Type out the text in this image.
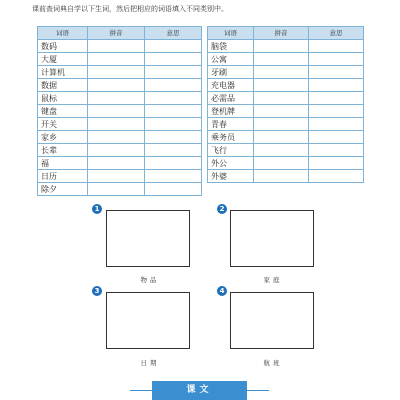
课前查词典自学以下生词，然后把相应的词语填入不同类别中。
词语	拼音	意思
数码		
大厦		
计算机		
数据		
鼠标		
键盘		
开关		
家乡		
长辈		
福		
日历		
除夕		
词语	拼音	意思
脑袋		
公寓		
牙刷		
充电器		
必需品		
登机牌		
青春		
乘务员		
飞行		
外公		
外婆		
1
物品
2
家庭
3
日期
4
航班
课文
